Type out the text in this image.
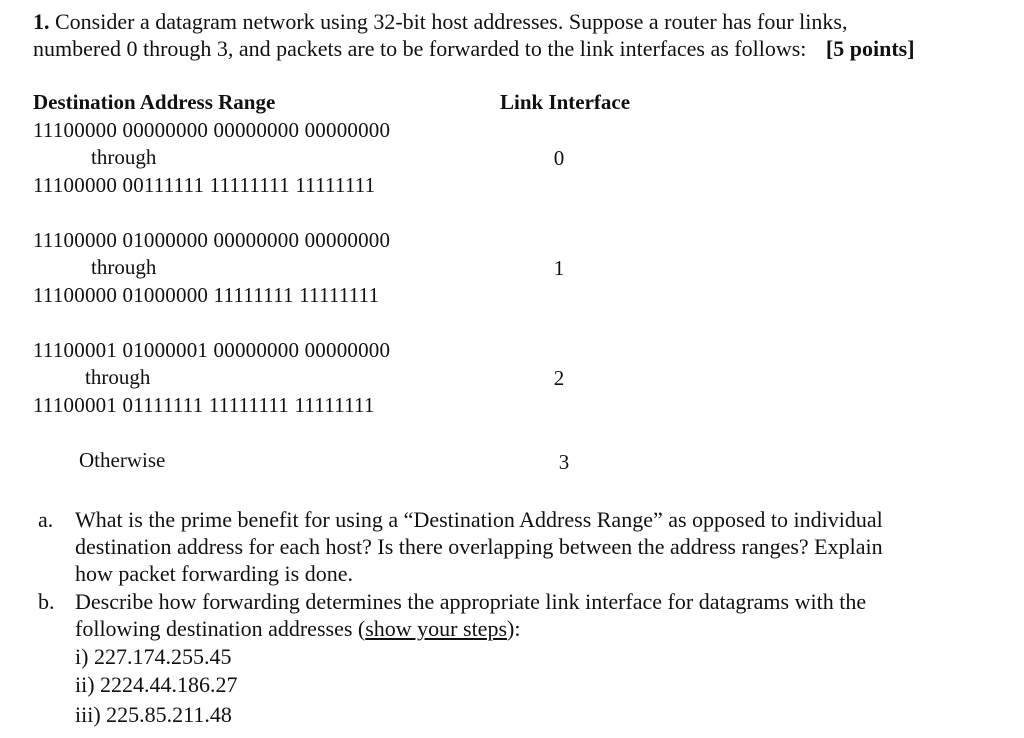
1. Consider a datagram network using 32-bit host addresses. Suppose a router has four links,
numbered 0 through 3, and packets are to be forwarded to the link interfaces as follows: [5 points]
Destination Address Range	Link Interface
11100000 00000000 00000000 00000000
through	0
11100000 00111111 11111111 11111111
11100000 01000000 00000000 00000000
through	1
11100000 01000000 11111111 11111111
11100001 01000001 00000000 00000000
through	2
11100001 01111111 11111111 11111111
Otherwise	3
a. What is the prime benefit for using a “Destination Address Range” as opposed to individual
destination address for each host? Is there overlapping between the address ranges? Explain
how packet forwarding is done.
b. Describe how forwarding determines the appropriate link interface for datagrams with the
following destination addresses (show your steps):
i) 227.174.255.45
ii) 2224.44.186.27
iii) 225.85.211.48
